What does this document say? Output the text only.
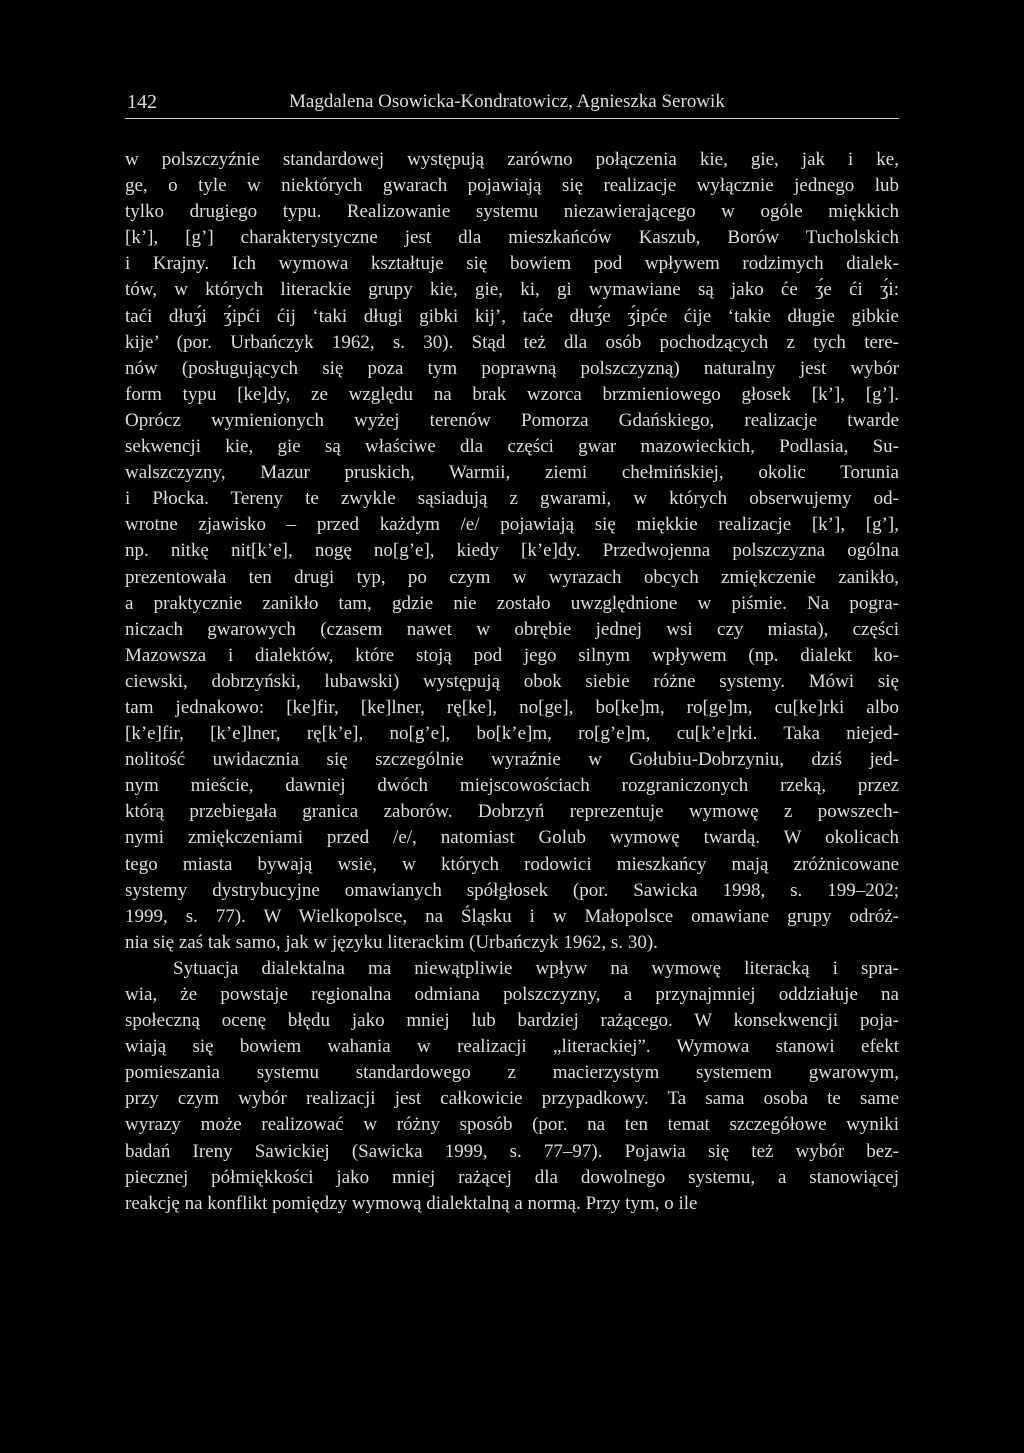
142	Magdalena Osowicka-Kondratowicz, Agnieszka Serowik
w polszczyźnie standardowej występują zarówno połączenia kie, gie, jak i ke,
ge, o tyle w niektórych gwarach pojawiają się realizacje wyłącznie jednego lub
tylko drugiego typu. Realizowanie systemu niezawierającego w ogóle miękkich
[k’], [g’] charakterystyczne jest dla mieszkańców Kaszub, Borów Tucholskich
i Krajny. Ich wymowa kształtuje się bowiem pod wpływem rodzimych dialek-
tów, w których literackie grupy kie, gie, ki, gi wymawiane są jako će ʒ́e ći ʒ́i:
taći dłuʒ́i ʒ́ipći ćij ‘taki długi gibki kij’, taće dłuʒ́e ʒ́ipće ćije ‘takie długie gibkie
kije’ (por. Urbańczyk 1962, s. 30). Stąd też dla osób pochodzących z tych tere-
nów (posługujących się poza tym poprawną polszczyzną) naturalny jest wybór
form typu [ke]dy, ze względu na brak wzorca brzmieniowego głosek [k’], [g’].
Oprócz wymienionych wyżej terenów Pomorza Gdańskiego, realizacje twarde
sekwencji kie, gie są właściwe dla części gwar mazowieckich, Podlasia, Su-
walszczyzny, Mazur pruskich, Warmii, ziemi chełmińskiej, okolic Torunia
i Płocka. Tereny te zwykle sąsiadują z gwarami, w których obserwujemy od-
wrotne zjawisko – przed każdym /e/ pojawiają się miękkie realizacje [k’], [g’],
np. nitkę nit[k’e], nogę no[g’e], kiedy [k’e]dy. Przedwojenna polszczyzna ogólna
prezentowała ten drugi typ, po czym w wyrazach obcych zmiękczenie zanikło,
a praktycznie zanikło tam, gdzie nie zostało uwzględnione w piśmie. Na pogra-
niczach gwarowych (czasem nawet w obrębie jednej wsi czy miasta), części
Mazowsza i dialektów, które stoją pod jego silnym wpływem (np. dialekt ko-
ciewski, dobrzyński, lubawski) występują obok siebie różne systemy. Mówi się
tam jednakowo: [ke]fir, [ke]lner, rę[ke], no[ge], bo[ke]m, ro[ge]m, cu[ke]rki albo
[k’e]fir, [k’e]lner, rę[k’e], no[g’e], bo[k’e]m, ro[g’e]m, cu[k’e]rki. Taka niejed-
nolitość uwidacznia się szczególnie wyraźnie w Gołubiu-Dobrzyniu, dziś jed-
nym mieście, dawniej dwóch miejscowościach rozgraniczonych rzeką, przez
którą przebiegała granica zaborów. Dobrzyń reprezentuje wymowę z powszech-
nymi zmiękczeniami przed /e/, natomiast Golub wymowę twardą. W okolicach
tego miasta bywają wsie, w których rodowici mieszkańcy mają zróżnicowane
systemy dystrybucyjne omawianych spółgłosek (por. Sawicka 1998, s. 199–202;
1999, s. 77). W Wielkopolsce, na Śląsku i w Małopolsce omawiane grupy odróż-
nia się zaś tak samo, jak w języku literackim (Urbańczyk 1962, s. 30).
Sytuacja dialektalna ma niewątpliwie wpływ na wymowę literacką i spra-
wia, że powstaje regionalna odmiana polszczyzny, a przynajmniej oddziałuje na
społeczną ocenę błędu jako mniej lub bardziej rażącego. W konsekwencji poja-
wiają się bowiem wahania w realizacji „literackiej”. Wymowa stanowi efekt
pomieszania systemu standardowego z macierzystym systemem gwarowym,
przy czym wybór realizacji jest całkowicie przypadkowy. Ta sama osoba te same
wyrazy może realizować w różny sposób (por. na ten temat szczegółowe wyniki
badań Ireny Sawickiej (Sawicka 1999, s. 77–97). Pojawia się też wybór bez-
piecznej półmiękkości jako mniej rażącej dla dowolnego systemu, a stanowiącej
reakcję na konflikt pomiędzy wymową dialektalną a normą. Przy tym, o ile
